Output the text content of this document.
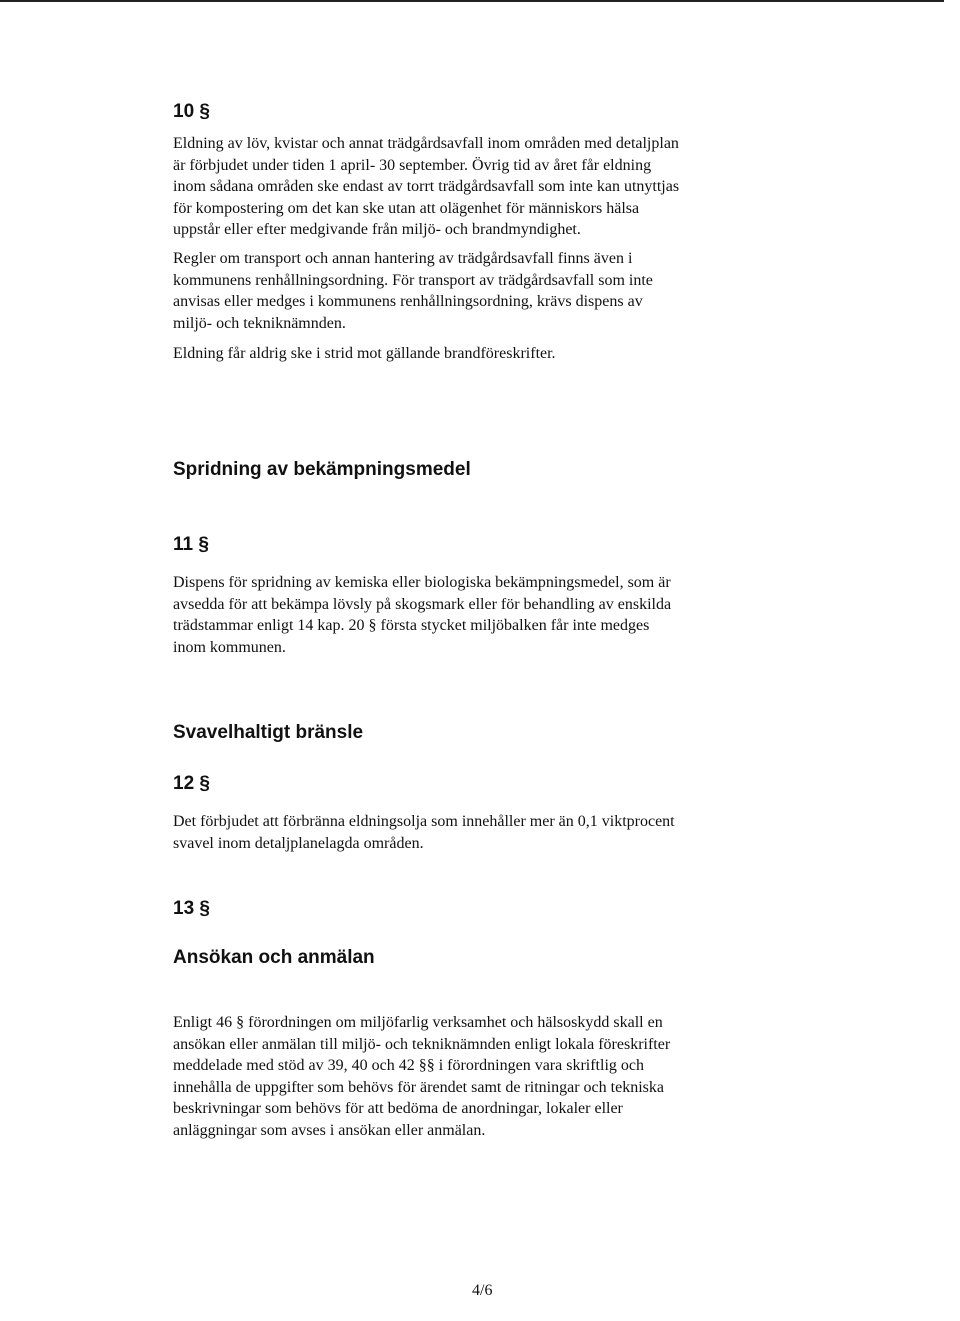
10 §
Eldning av löv, kvistar och annat trädgårdsavfall inom områden med detaljplan
är förbjudet under tiden 1 april- 30 september. Övrig tid av året får eldning
inom sådana områden ske endast av torrt trädgårdsavfall som inte kan utnyttjas
för kompostering om det kan ske utan att olägenhet för människors hälsa
uppstår eller efter medgivande från miljö- och brandmyndighet.
Regler om transport och annan hantering av trädgårdsavfall finns även i
kommunens renhållningsordning. För transport av trädgårdsavfall som inte
anvisas eller medges i kommunens renhållningsordning, krävs dispens av
miljö- och tekniknämnden.
Eldning får aldrig ske i strid mot gällande brandföreskrifter.
Spridning av bekämpningsmedel
11 §
Dispens för spridning av kemiska eller biologiska bekämpningsmedel, som är
avsedda för att bekämpa lövsly på skogsmark eller för behandling av enskilda
trädstammar enligt 14 kap. 20 § första stycket miljöbalken får inte medges
inom kommunen.
Svavelhaltigt bränsle
12 §
Det förbjudet att förbränna eldningsolja som innehåller mer än 0,1 viktprocent
svavel inom detaljplanelagda områden.
13 §
Ansökan och anmälan
Enligt 46 § förordningen om miljöfarlig verksamhet och hälsoskydd skall en
ansökan eller anmälan till miljö- och tekniknämnden enligt lokala föreskrifter
meddelade med stöd av 39, 40 och 42 §§ i förordningen vara skriftlig och
innehålla de uppgifter som behövs för ärendet samt de ritningar och tekniska
beskrivningar som behövs för att bedöma de anordningar, lokaler eller
anläggningar som avses i ansökan eller anmälan.
4/6
